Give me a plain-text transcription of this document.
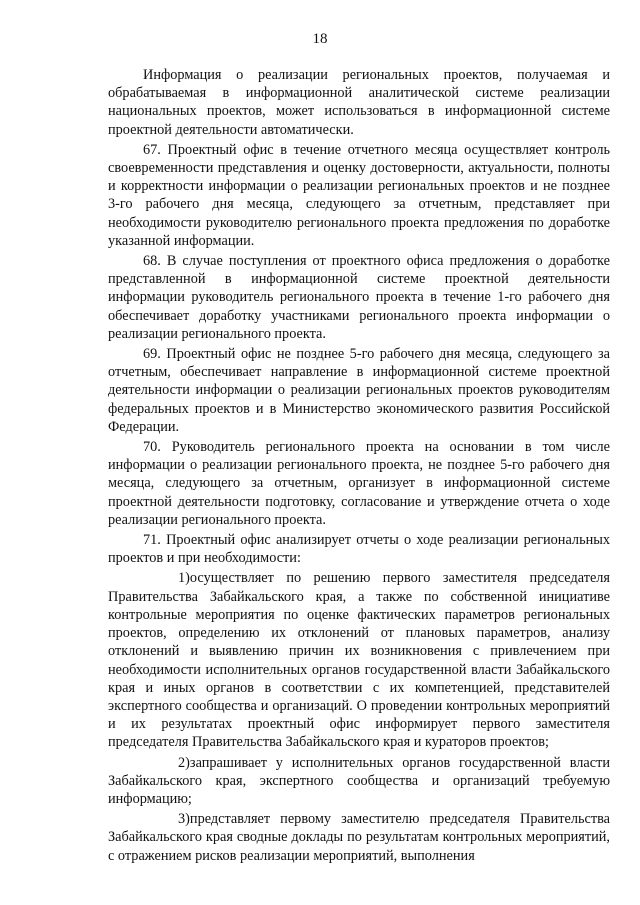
18

Информация о реализации региональных проектов, получаемая и обрабатываемая в информационной аналитической системе реализации национальных проектов, может использоваться в информационной системе проектной деятельности автоматически.

67. Проектный офис в течение отчетного месяца осуществляет контроль своевременности представления и оценку достоверности, актуальности, полноты и корректности информации о реализации региональных проектов и не позднее 3-го рабочего дня месяца, следующего за отчетным, представляет при необходимости руководителю регионального проекта предложения по доработке указанной информации.

68. В случае поступления от проектного офиса предложения о доработке представленной в информационной системе проектной деятельности информации руководитель регионального проекта в течение 1-го рабочего дня обеспечивает доработку участниками регионального проекта информации о реализации регионального проекта.

69. Проектный офис не позднее 5-го рабочего дня месяца, следующего за отчетным, обеспечивает направление в информационной системе проектной деятельности информации о реализации региональных проектов руководителям федеральных проектов и в Министерство экономического развития Российской Федерации.

70. Руководитель регионального проекта на основании в том числе информации о реализации регионального проекта, не позднее 5-го рабочего дня месяца, следующего за отчетным, организует в информационной системе проектной деятельности подготовку, согласование и утверждение отчета о ходе реализации регионального проекта.

71. Проектный офис анализирует отчеты о ходе реализации региональных проектов и при необходимости:

1)осуществляет по решению первого заместителя председателя Правительства Забайкальского края, а также по собственной инициативе контрольные мероприятия по оценке фактических параметров региональных проектов, определению их отклонений от плановых параметров, анализу отклонений и выявлению причин их возникновения с привлечением при необходимости исполнительных органов государственной власти Забайкальского края и иных органов в соответствии с их компетенцией, представителей экспертного сообщества и организаций. О проведении контрольных мероприятий и их результатах проектный офис информирует первого заместителя председателя Правительства Забайкальского края и кураторов проектов;

2)запрашивает у исполнительных органов государственной власти Забайкальского края, экспертного сообщества и организаций требуемую информацию;

3)представляет первому заместителю председателя Правительства Забайкальского края сводные доклады по результатам контрольных мероприятий, с отражением рисков реализации мероприятий, выполнения
